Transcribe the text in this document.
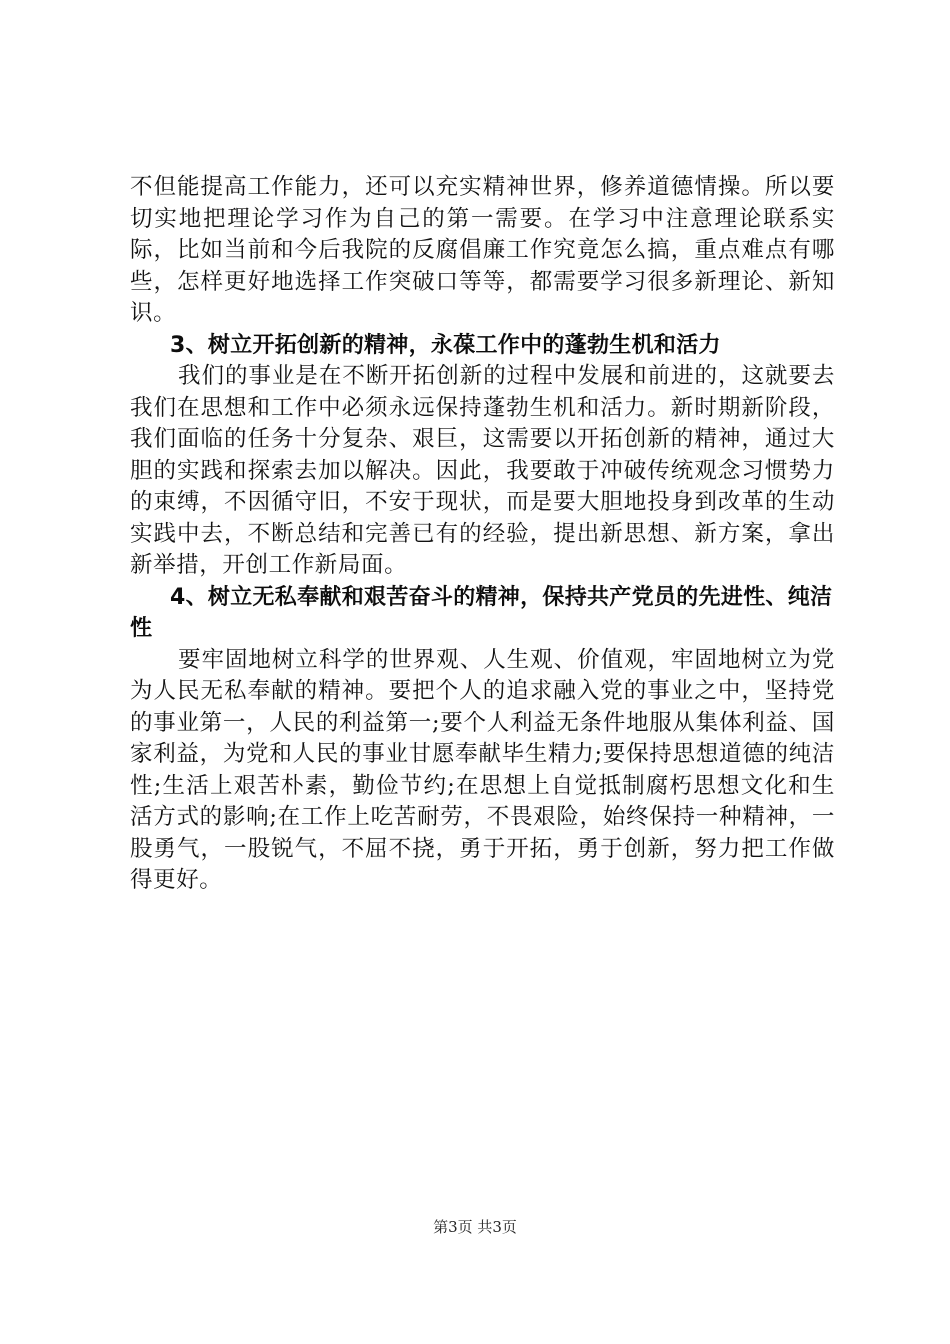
不但能提高工作能力，还可以充实精神世界，修养道德情操。所以要切实地把理论学习作为自己的第一需要。在学习中注意理论联系实际，比如当前和今后我院的反腐倡廉工作究竟怎么搞，重点难点有哪些，怎样更好地选择工作突破口等等，都需要学习很多新理论、新知识。

3、树立开拓创新的精神，永葆工作中的蓬勃生机和活力

我们的事业是在不断开拓创新的过程中发展和前进的，这就要去我们在思想和工作中必须永远保持蓬勃生机和活力。新时期新阶段，我们面临的任务十分复杂、艰巨，这需要以开拓创新的精神，通过大胆的实践和探索去加以解决。因此，我要敢于冲破传统观念习惯势力的束缚，不因循守旧，不安于现状，而是要大胆地投身到改革的生动实践中去，不断总结和完善已有的经验，提出新思想、新方案，拿出新举措，开创工作新局面。

4、树立无私奉献和艰苦奋斗的精神，保持共产党员的先进性、纯洁性

要牢固地树立科学的世界观、人生观、价值观，牢固地树立为党为人民无私奉献的精神。要把个人的追求融入党的事业之中，坚持党的事业第一，人民的利益第一;要个人利益无条件地服从集体利益、国家利益，为党和人民的事业甘愿奉献毕生精力;要保持思想道德的纯洁性;生活上艰苦朴素，勤俭节约;在思想上自觉抵制腐朽思想文化和生活方式的影响;在工作上吃苦耐劳，不畏艰险，始终保持一种精神，一股勇气，一股锐气，不屈不挠，勇于开拓，勇于创新，努力把工作做得更好。

第3页 共3页
